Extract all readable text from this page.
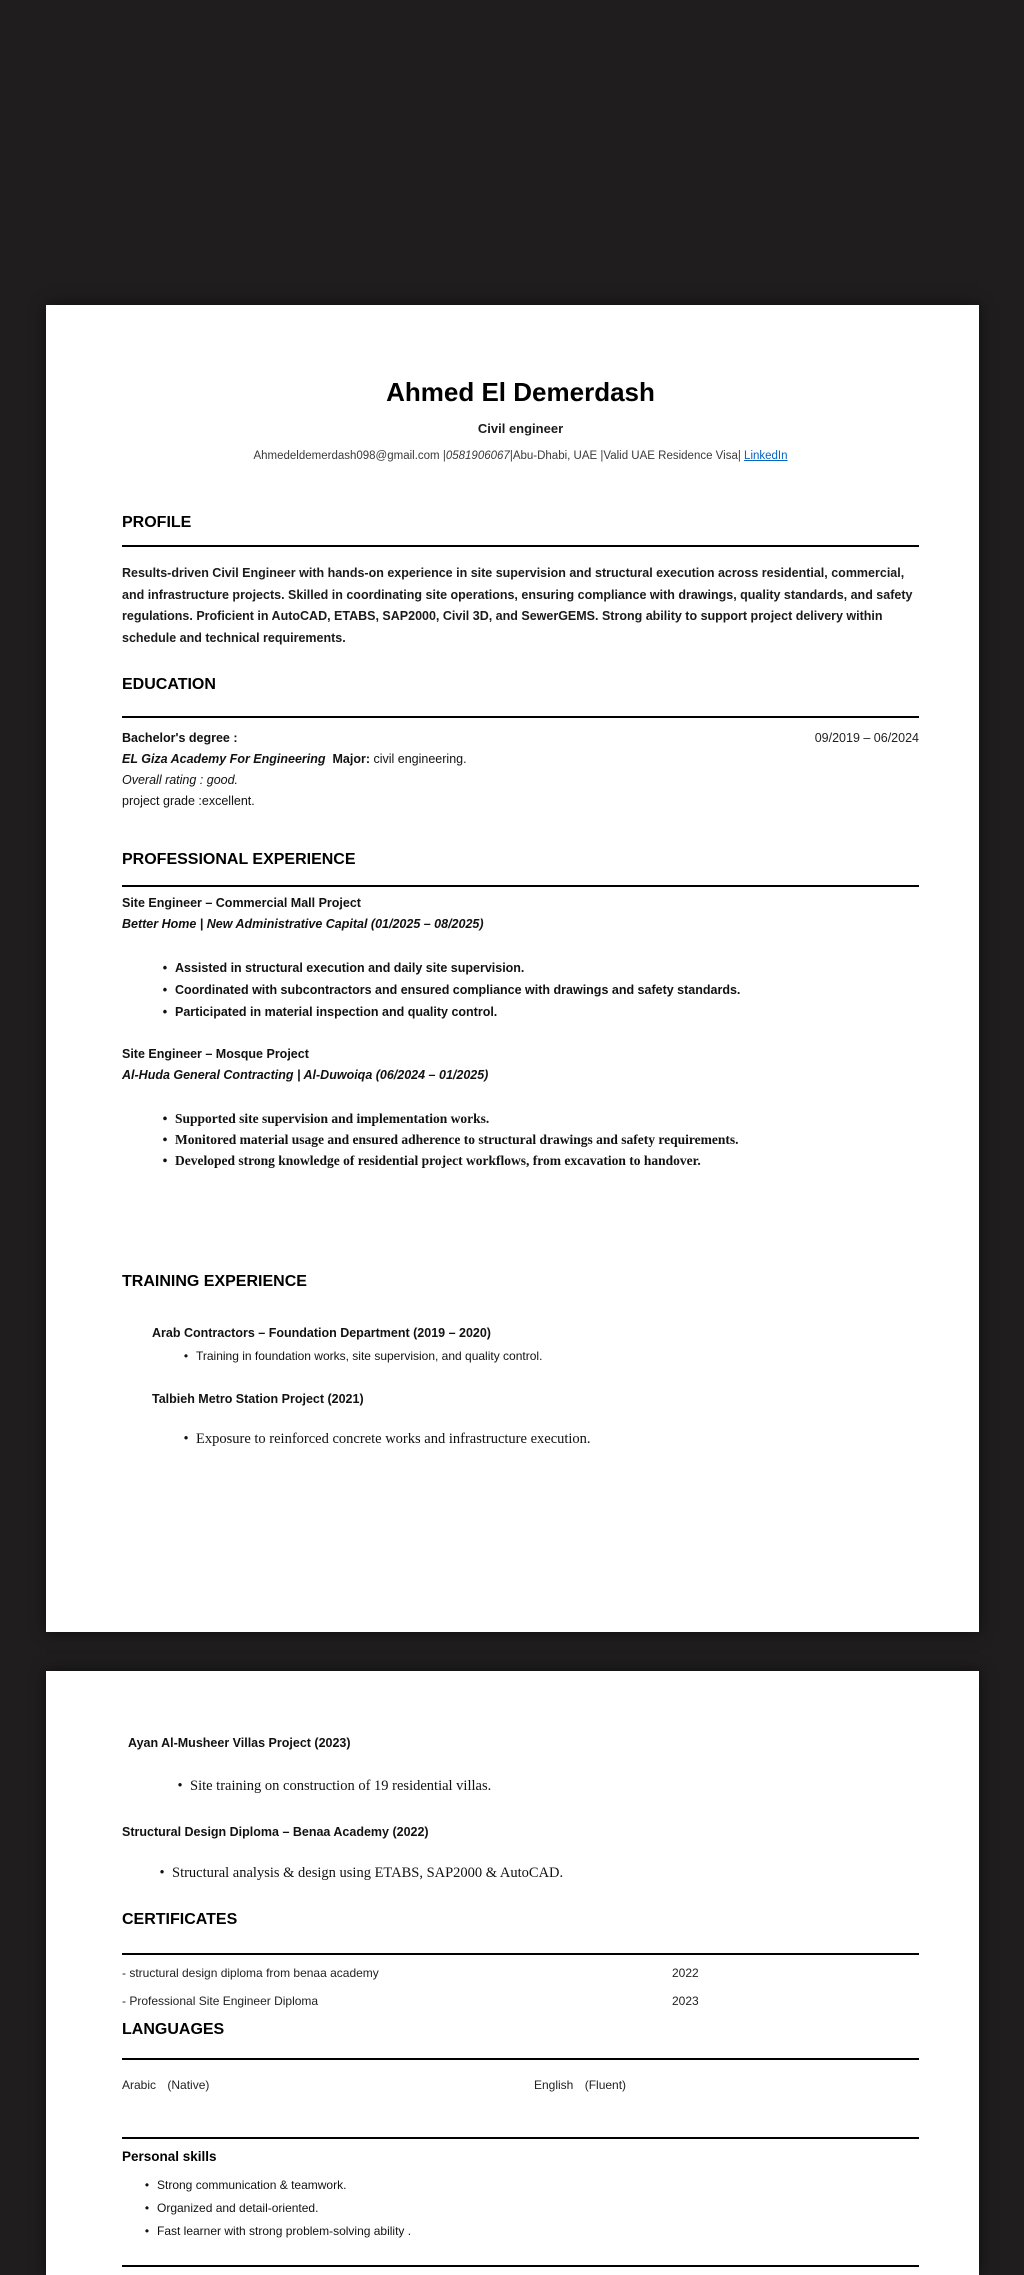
Ahmed El Demerdash
Civil engineer
Ahmedeldemerdash098@gmail.com |0581906067|Abu-Dhabi, UAE |Valid UAE Residence Visa| LinkedIn
PROFILE
Results-driven Civil Engineer with hands-on experience in site supervision and structural execution across residential, commercial, and infrastructure projects. Skilled in coordinating site operations, ensuring compliance with drawings, quality standards, and safety regulations. Proficient in AutoCAD, ETABS, SAP2000, Civil 3D, and SewerGEMS. Strong ability to support project delivery within schedule and technical requirements.
EDUCATION
Bachelor's degree :	09/2019 – 06/2024
EL Giza Academy For Engineering Major: civil engineering.
Overall rating : good.
project grade :excellent.
PROFESSIONAL EXPERIENCE
Site Engineer – Commercial Mall Project
Better Home | New Administrative Capital (01/2025 – 08/2025)
• Assisted in structural execution and daily site supervision.
• Coordinated with subcontractors and ensured compliance with drawings and safety standards.
• Participated in material inspection and quality control.
Site Engineer – Mosque Project
Al-Huda General Contracting | Al-Duwoiqa (06/2024 – 01/2025)
• Supported site supervision and implementation works.
• Monitored material usage and ensured adherence to structural drawings and safety requirements.
• Developed strong knowledge of residential project workflows, from excavation to handover.
TRAINING EXPERIENCE
Arab Contractors – Foundation Department (2019 – 2020)
• Training in foundation works, site supervision, and quality control.
Talbieh Metro Station Project (2021)
• Exposure to reinforced concrete works and infrastructure execution.
Ayan Al-Musheer Villas Project (2023)
• Site training on construction of 19 residential villas.
Structural Design Diploma – Benaa Academy (2022)
• Structural analysis & design using ETABS, SAP2000 & AutoCAD.
CERTIFICATES
- structural design diploma from benaa academy	2022
- Professional Site Engineer Diploma	2023
LANGUAGES
Arabic (Native)	English (Fluent)
Personal skills
• Strong communication & teamwork.
• Organized and detail-oriented.
• Fast learner with strong problem-solving ability .
